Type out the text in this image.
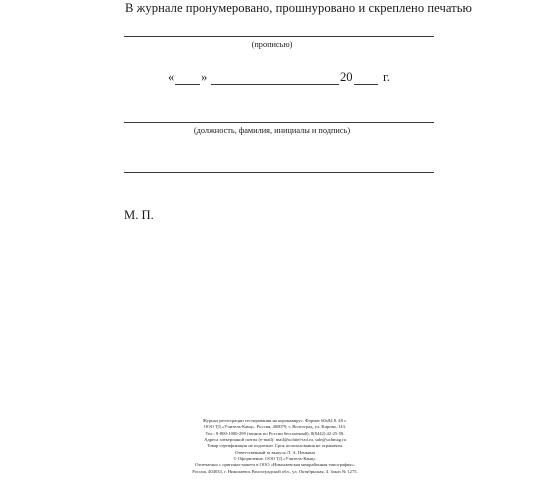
В журнале пронумеровано, прошнуровано и скреплено печатью
(прописью)
« »	20 г.
(должность, фамилия, инициалы и подпись)
М. П.
Журнал регистрации тестирования на коронавирус. Формат 60х84 8. 48 с.
ООО ТД «Учитель-Канц». Россия, 400079, г. Волгоград, ул. Кирова, 143.
Тел.: 8-800-1000-299 (звонок по России бесплатный), 8(8442) 42-25-58.
Адреса электронной почты (e-mail): mail@uchitel-izd.ru, sale@uchmag.ru
Товар сертификации не подлежит. Срок использования не ограничен.
Ответственный за выпуск Л. А. Пенкина
© Оформление. ООО ТД «Учитель-Канц».
Отпечатано с оригинал-макета в ООО «Николаевская межрайонная типография».
Россия, 404033, г. Николаевск Волгоградской обл., ул. Октябрьская, 4. Заказ № 1275.
